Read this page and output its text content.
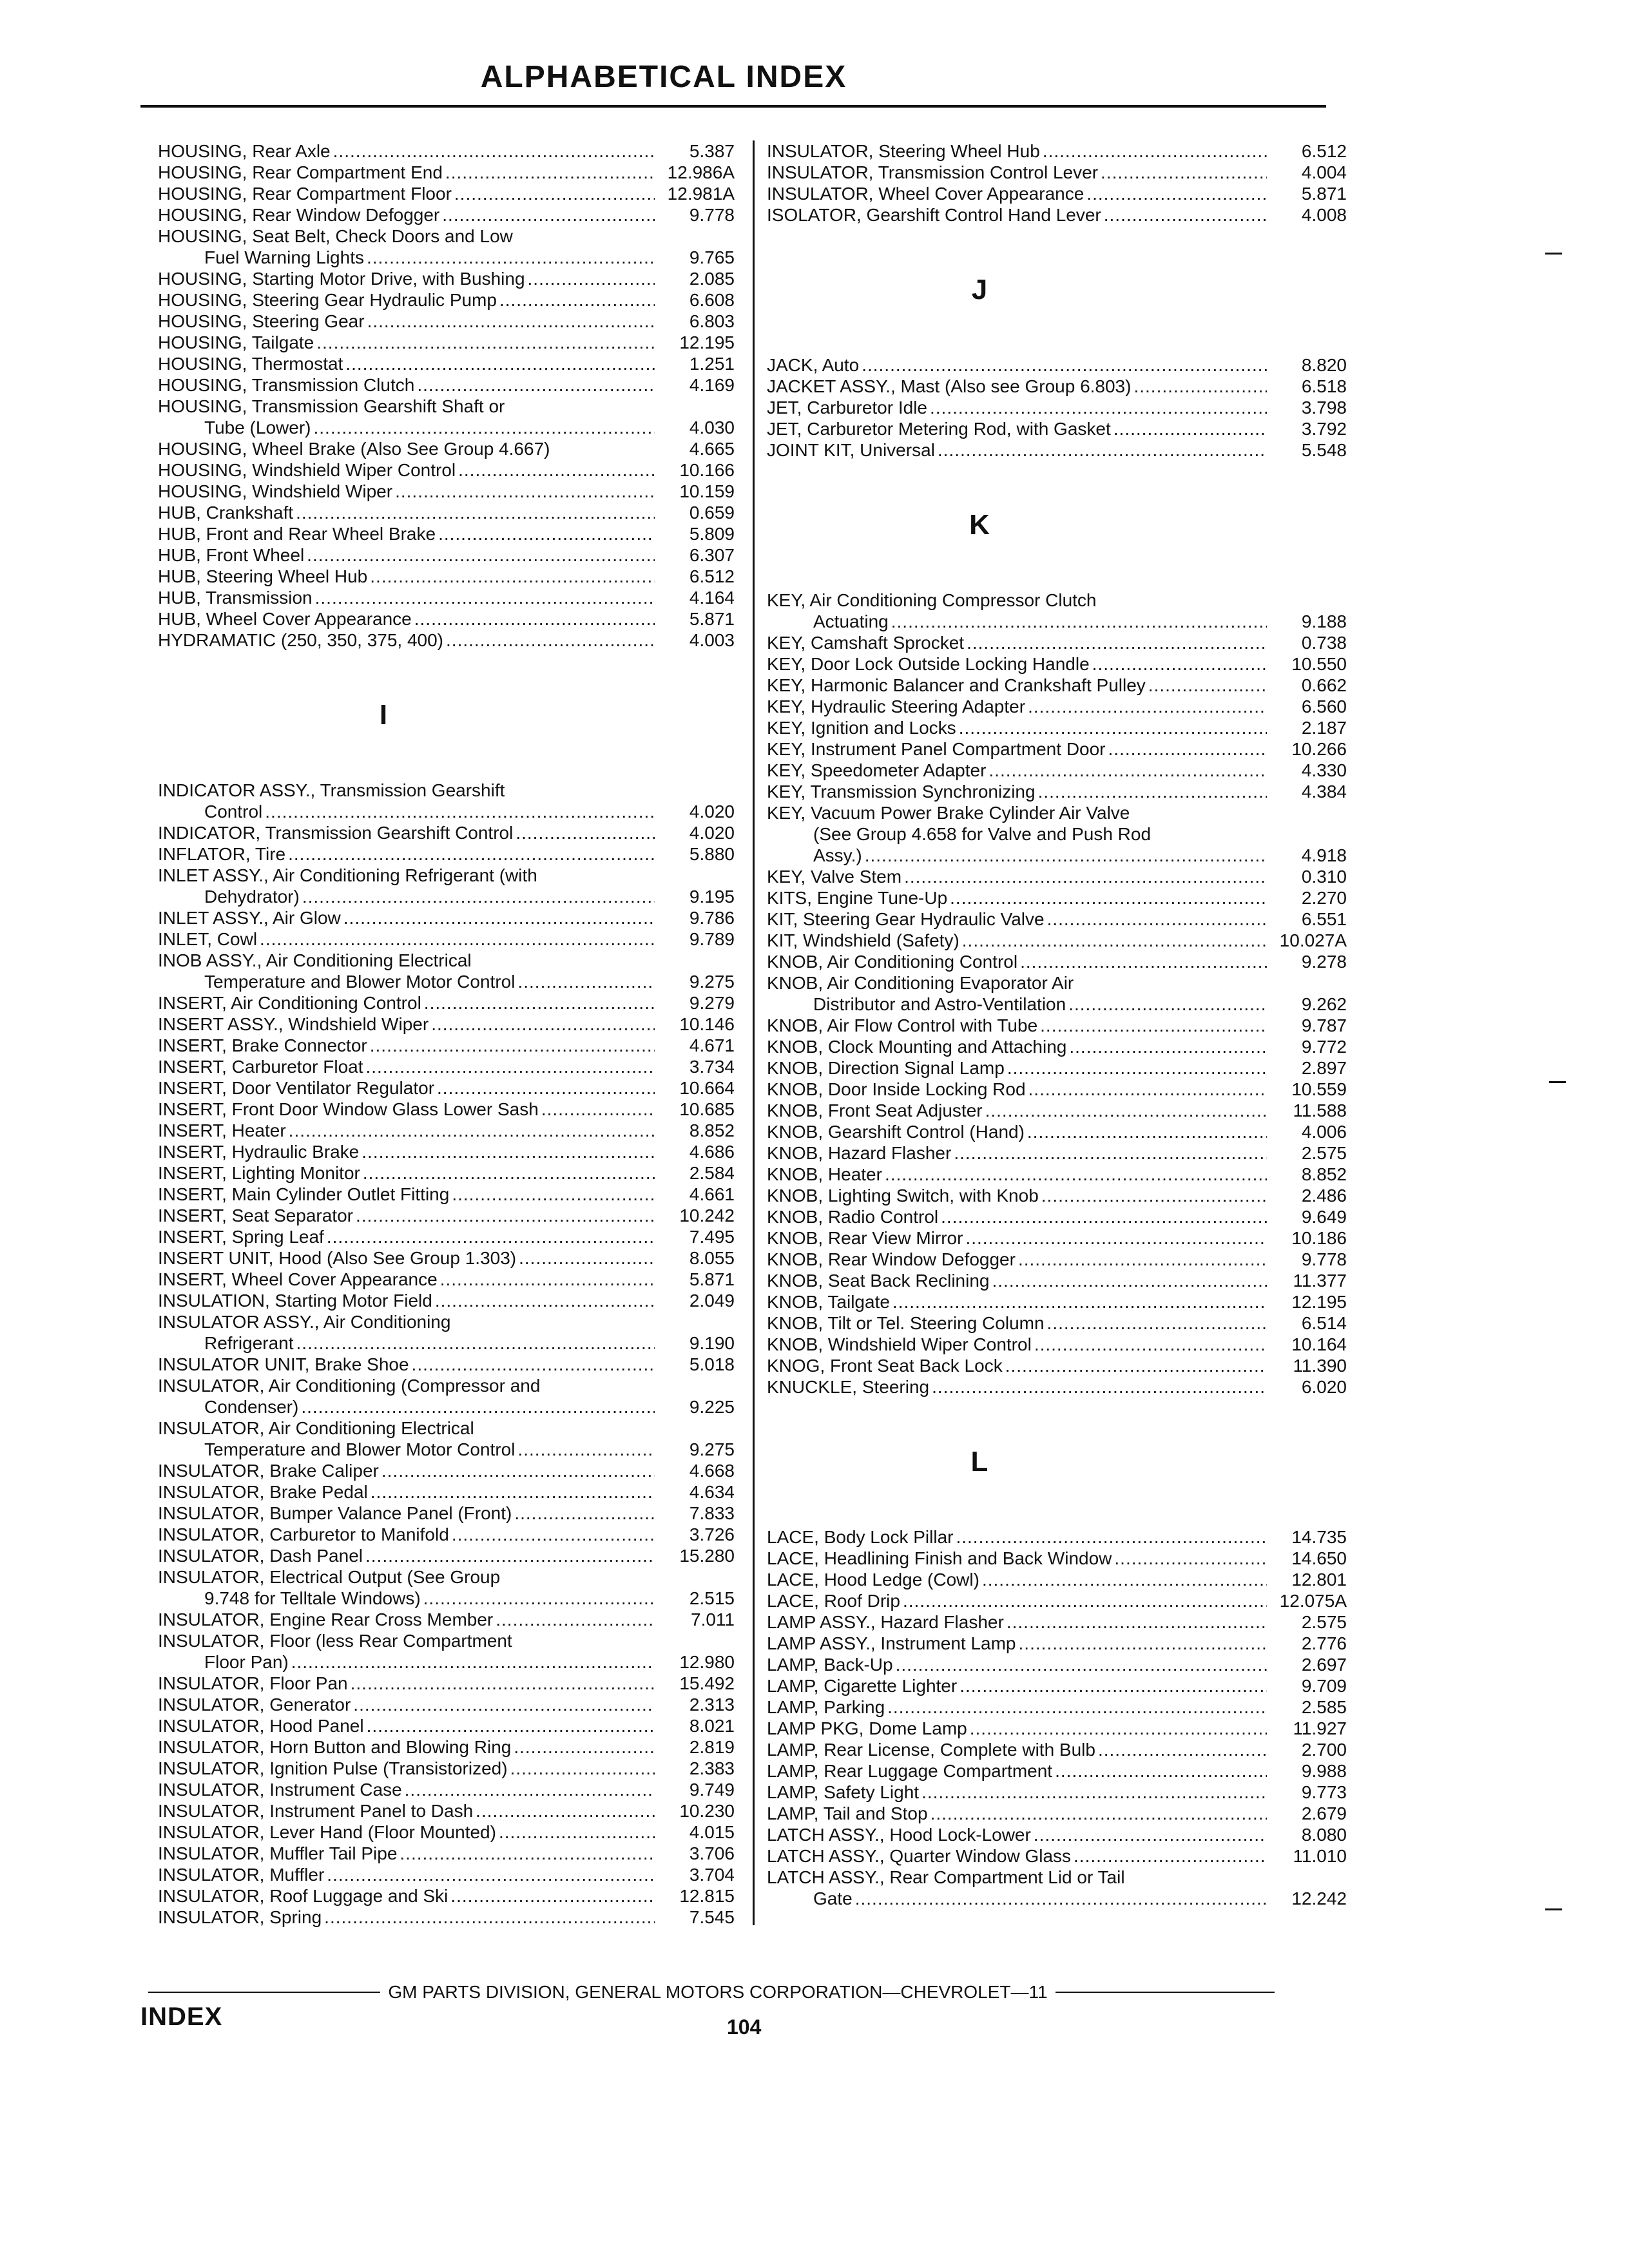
ALPHABETICAL INDEX
HOUSING, Rear Axle .....	5.387
HOUSING, Rear Compartment End .....	12.986A
HOUSING, Rear Compartment Floor .....	12.981A
HOUSING, Rear Window Defogger .....	9.778
HOUSING, Seat Belt, Check Doors and Low
Fuel Warning Lights .....	9.765
HOUSING, Starting Motor Drive, with Bushing .....	2.085
HOUSING, Steering Gear Hydraulic Pump .....	6.608
HOUSING, Steering Gear .....	6.803
HOUSING, Tailgate .....	12.195
HOUSING, Thermostat .....	1.251
HOUSING, Transmission Clutch .....	4.169
HOUSING, Transmission Gearshift Shaft or
Tube (Lower) .....	4.030
HOUSING, Wheel Brake (Also See Group 4.667)	4.665
HOUSING, Windshield Wiper Control .....	10.166
HOUSING, Windshield Wiper .....	10.159
HUB, Crankshaft .....	0.659
HUB, Front and Rear Wheel Brake .....	5.809
HUB, Front Wheel .....	6.307
HUB, Steering Wheel Hub .....	6.512
HUB, Transmission .....	4.164
HUB, Wheel Cover Appearance .....	5.871
HYDRAMATIC (250, 350, 375, 400) .....	4.003
I
INDICATOR ASSY., Transmission Gearshift
Control .....	4.020
INDICATOR, Transmission Gearshift Control .....	4.020
INFLATOR, Tire .....	5.880
INLET ASSY., Air Conditioning Refrigerant (with
Dehydrator) .....	9.195
INLET ASSY., Air Glow .....	9.786
INLET, Cowl .....	9.789
INOB ASSY., Air Conditioning Electrical
Temperature and Blower Motor Control .....	9.275
INSERT, Air Conditioning Control .....	9.279
INSERT ASSY., Windshield Wiper .....	10.146
INSERT, Brake Connector .....	4.671
INSERT, Carburetor Float .....	3.734
INSERT, Door Ventilator Regulator .....	10.664
INSERT, Front Door Window Glass Lower Sash .....	10.685
INSERT, Heater .....	8.852
INSERT, Hydraulic Brake .....	4.686
INSERT, Lighting Monitor .....	2.584
INSERT, Main Cylinder Outlet Fitting .....	4.661
INSERT, Seat Separator .....	10.242
INSERT, Spring Leaf .....	7.495
INSERT UNIT, Hood (Also See Group 1.303) .....	8.055
INSERT, Wheel Cover Appearance .....	5.871
INSULATION, Starting Motor Field .....	2.049
INSULATOR ASSY., Air Conditioning
Refrigerant .....	9.190
INSULATOR UNIT, Brake Shoe .....	5.018
INSULATOR, Air Conditioning (Compressor and
Condenser) .....	9.225
INSULATOR, Air Conditioning Electrical
Temperature and Blower Motor Control .....	9.275
INSULATOR, Brake Caliper .....	4.668
INSULATOR, Brake Pedal .....	4.634
INSULATOR, Bumper Valance Panel (Front) .....	7.833
INSULATOR, Carburetor to Manifold .....	3.726
INSULATOR, Dash Panel .....	15.280
INSULATOR, Electrical Output (See Group
9.748 for Telltale Windows) .....	2.515
INSULATOR, Engine Rear Cross Member .....	7.011
INSULATOR, Floor (less Rear Compartment
Floor Pan) .....	12.980
INSULATOR, Floor Pan .....	15.492
INSULATOR, Generator .....	2.313
INSULATOR, Hood Panel .....	8.021
INSULATOR, Horn Button and Blowing Ring .....	2.819
INSULATOR, Ignition Pulse (Transistorized) .....	2.383
INSULATOR, Instrument Case .....	9.749
INSULATOR, Instrument Panel to Dash .....	10.230
INSULATOR, Lever Hand (Floor Mounted) .....	4.015
INSULATOR, Muffler Tail Pipe .....	3.706
INSULATOR, Muffler .....	3.704
INSULATOR, Roof Luggage and Ski .....	12.815
INSULATOR, Spring .....	7.545
INSULATOR, Steering Wheel Hub .....	6.512
INSULATOR, Transmission Control Lever .....	4.004
INSULATOR, Wheel Cover Appearance .....	5.871
ISOLATOR, Gearshift Control Hand Lever .....	4.008
J
JACK, Auto .....	8.820
JACKET ASSY., Mast (Also see Group 6.803) .....	6.518
JET, Carburetor Idle .....	3.798
JET, Carburetor Metering Rod, with Gasket .....	3.792
JOINT KIT, Universal .....	5.548
K
KEY, Air Conditioning Compressor Clutch
Actuating .....	9.188
KEY, Camshaft Sprocket .....	0.738
KEY, Door Lock Outside Locking Handle .....	10.550
KEY, Harmonic Balancer and Crankshaft Pulley .....	0.662
KEY, Hydraulic Steering Adapter .....	6.560
KEY, Ignition and Locks .....	2.187
KEY, Instrument Panel Compartment Door .....	10.266
KEY, Speedometer Adapter .....	4.330
KEY, Transmission Synchronizing .....	4.384
KEY, Vacuum Power Brake Cylinder Air Valve
(See Group 4.658 for Valve and Push Rod
Assy.) .....	4.918
KEY, Valve Stem .....	0.310
KITS, Engine Tune-Up .....	2.270
KIT, Steering Gear Hydraulic Valve .....	6.551
KIT, Windshield (Safety) .....	10.027A
KNOB, Air Conditioning Control .....	9.278
KNOB, Air Conditioning Evaporator Air
Distributor and Astro-Ventilation .....	9.262
KNOB, Air Flow Control with Tube .....	9.787
KNOB, Clock Mounting and Attaching .....	9.772
KNOB, Direction Signal Lamp .....	2.897
KNOB, Door Inside Locking Rod .....	10.559
KNOB, Front Seat Adjuster .....	11.588
KNOB, Gearshift Control (Hand) .....	4.006
KNOB, Hazard Flasher .....	2.575
KNOB, Heater .....	8.852
KNOB, Lighting Switch, with Knob .....	2.486
KNOB, Radio Control .....	9.649
KNOB, Rear View Mirror .....	10.186
KNOB, Rear Window Defogger .....	9.778
KNOB, Seat Back Reclining .....	11.377
KNOB, Tailgate .....	12.195
KNOB, Tilt or Tel. Steering Column .....	6.514
KNOB, Windshield Wiper Control .....	10.164
KNOG, Front Seat Back Lock .....	11.390
KNUCKLE, Steering .....	6.020
L
LACE, Body Lock Pillar .....	14.735
LACE, Headlining Finish and Back Window .....	14.650
LACE, Hood Ledge (Cowl) .....	12.801
LACE, Roof Drip .....	12.075A
LAMP ASSY., Hazard Flasher .....	2.575
LAMP ASSY., Instrument Lamp .....	2.776
LAMP, Back-Up .....	2.697
LAMP, Cigarette Lighter .....	9.709
LAMP, Parking .....	2.585
LAMP PKG, Dome Lamp .....	11.927
LAMP, Rear License, Complete with Bulb .....	2.700
LAMP, Rear Luggage Compartment .....	9.988
LAMP, Safety Light .....	9.773
LAMP, Tail and Stop .....	2.679
LATCH ASSY., Hood Lock-Lower .....	8.080
LATCH ASSY., Quarter Window Glass .....	11.010
LATCH ASSY., Rear Compartment Lid or Tail
Gate .....	12.242
GM PARTS DIVISION, GENERAL MOTORS CORPORATION—CHEVROLET—11
INDEX	104
